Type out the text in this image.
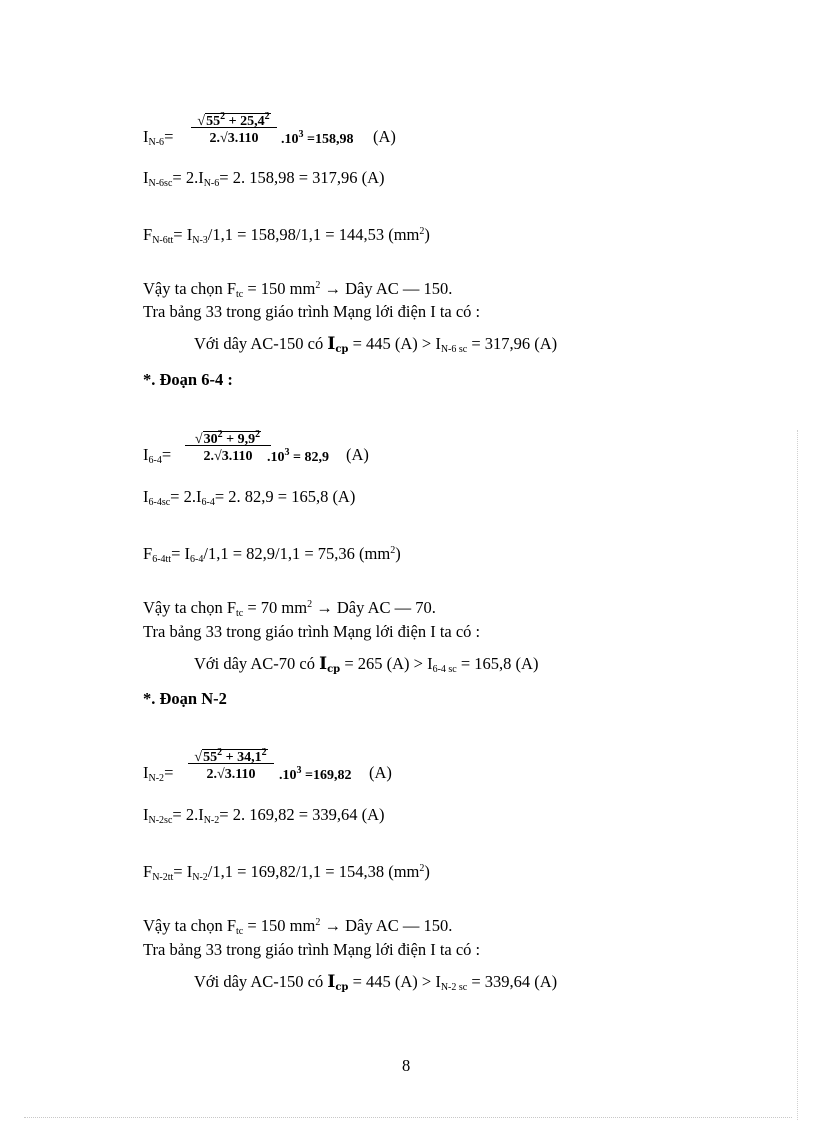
$I_{N-6}=$
$√55^2 + 25,4^2$
2.√3.110	$.10^3 =158,98$ (A)
$I_{N-6sc}= 2.I_{N-6}= 2$. 158,98 = 317,96 (A)
$F_{N-6tt}= I_{N-3}/1,1 = 158,98/1,1 = 144,53$ $(mm^2)$
Vậy ta chọn $F_{tc} = 150$ $mm^2$ → Dây AC — 150.
Tra bảng 33 trong giáo trình Mạng lới điện I ta có :
Với dây AC-150 có Icp = 445 $(A) > I_{N-6 sc} = 317,96$ (A)
*. Đoạn 6-4 :
$I_{6-4}=$
$√30^2 + 9,9^2$
2.√3.110	$.10^3 = 82,9$ (A)
$I_{6-4sc}= 2.I_{6-4}= 2$. 82,9 = 165,8 (A)
$F_{6-4tt}= I_{6-4}/1,1 = 82,9/1,1 = 75,36$ $(mm^2)$
Vậy ta chọn $F_{tc} = 70$ $mm^2$ → Dây AC — 70.
Tra bảng 33 trong giáo trình Mạng lới điện I ta có :
Với dây AC-70 có Icp = 265 $(A) > I_{6-4 sc} = 165,8$ (A)
*. Đoạn N-2
$I_{N-2}=$
$√55^2 + 34,1^2$
2.√3.110	$.10^3 =169,82$ (A)
$I_{N-2sc}= 2.I_{N-2}= 2$. 169,82 = 339,64 (A)
$F_{N-2tt}= I_{N-2}/1,1 = 169,82/1,1 = 154,38$ $(mm^2)$
Vậy ta chọn $F_{tc} = 150$ $mm^2$ → Dây AC — 150.
Tra bảng 33 trong giáo trình Mạng lới điện I ta có :
Với dây AC-150 có Icp = 445 $(A) > I_{N-2 sc} = 339,64$ (A)
8
